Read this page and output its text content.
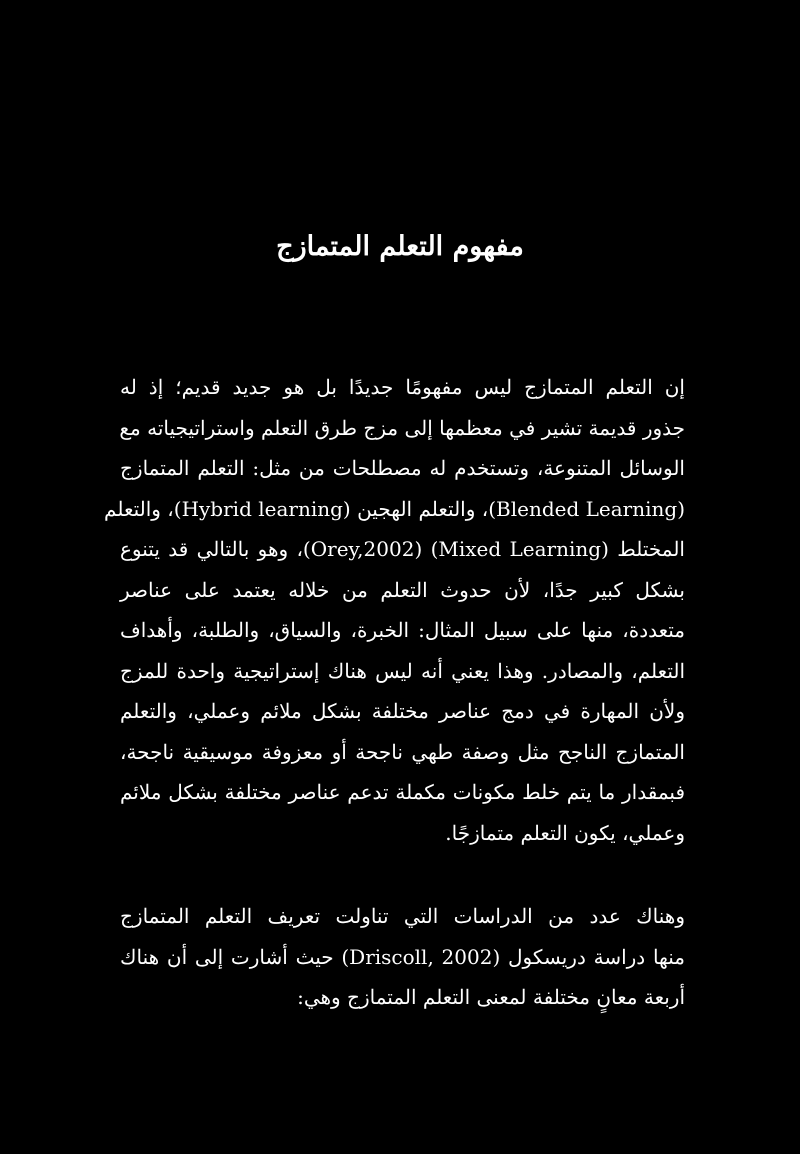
مفهوم التعلم المتمازج
إن التعلم المتمازج ليس مفهومًا جديدًا بل هو جديد قديم؛ إذ له
جذور قديمة تشير في معظمها إلى مزج طرق التعلم واستراتيجياته مع
الوسائل المتنوعة، وتستخدم له مصطلحات من مثل: التعلم المتمازج
(Blended Learning)، والتعلم الهجين (Hybrid learning)، والتعلم
المختلط (Mixed Learning) (Orey,2002)، وهو بالتالي قد يتنوع
بشكل كبير جدًا، لأن حدوث التعلم من خلاله يعتمد على عناصر
متعددة، منها على سبيل المثال: الخبرة، والسياق، والطلبة، وأهداف
التعلم، والمصادر. وهذا يعني أنه ليس هناك إستراتيجية واحدة للمزج
ولأن المهارة في دمج عناصر مختلفة بشكل ملائم وعملي، والتعلم
المتمازج الناجح مثل وصفة طهي ناجحة أو معزوفة موسيقية ناجحة،
فبمقدار ما يتم خلط مكونات مكملة تدعم عناصر مختلفة بشكل ملائم
وعملي، يكون التعلم متمازجًا.
وهناك عدد من الدراسات التي تناولت تعريف التعلم المتمازج
منها دراسة دريسكول (Driscoll, 2002) حيث أشارت إلى أن هناك
أربعة معانٍ مختلفة لمعنى التعلم المتمازج وهي:
